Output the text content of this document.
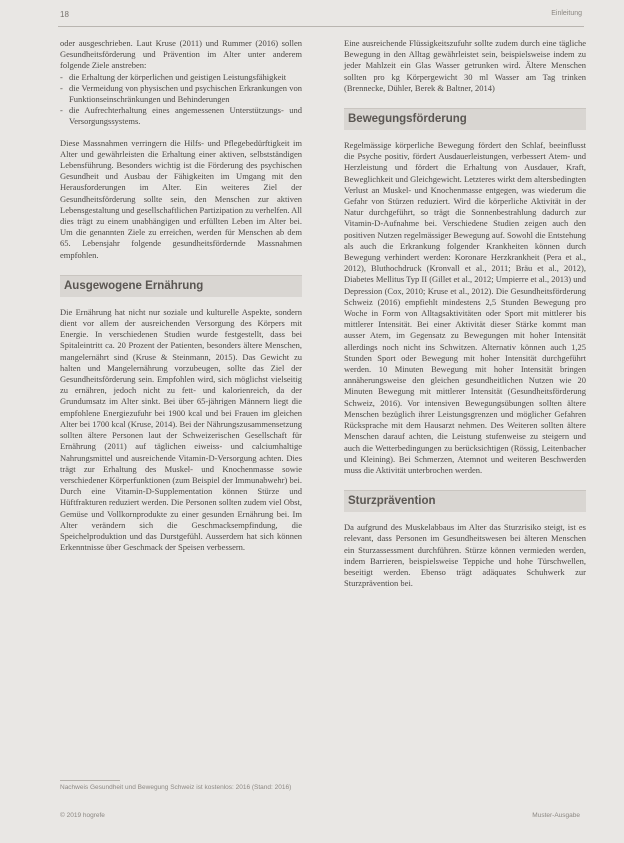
18	Einleitung

oder ausgeschrieben. Laut Kruse (2011) und Rummer (2016) sollen Gesundheitsförderung und Prävention im Alter unter anderem folgende Ziele anstreben:

- die Erhaltung der körperlichen und geistigen Leistungsfähigkeit
- die Vermeidung von physischen und psychischen Erkrankungen von Funktionseinschränkungen und Behinderungen
- die Aufrechterhaltung eines angemessenen Unterstützungs- und Versorgungssystems.

Diese Massnahmen verringern die Hilfs- und Pflegebedürftigkeit im Alter und gewährleisten die Erhaltung einer aktiven, selbstständigen Lebensführung. Besonders wichtig ist die Förderung des psychischen Gesundheit und Ausbau der Fähigkeiten im Umgang mit den Herausforderungen im Alter. Ein weiteres Ziel der Gesundheitsförderung sollte sein, den Menschen zur aktiven Lebensgestaltung und gesellschaftlichen Partizipation zu verhelfen. All dies trägt zu einem unabhängigen und erfüllten Leben im Alter bei. Um die genannten Ziele zu erreichen, werden für Menschen ab dem 65. Lebensjahr folgende gesundheitsfördernde Massnahmen empfohlen.

Ausgewogene Ernährung

Die Ernährung hat nicht nur soziale und kulturelle Aspekte, sondern dient vor allem der ausreichenden Versorgung des Körpers mit Energie. In verschiedenen Studien wurde festgestellt, dass bei Spitaleintritt ca. 20 Prozent der Patienten, besonders ältere Menschen, mangelernährt sind (Kruse & Steinmann, 2015). Das Gewicht zu halten und Mangelernährung vorzubeugen, sollte das Ziel der Gesundheitsförderung sein. Empfohlen wird, sich möglichst vielseitig zu ernähren, jedoch nicht zu fett- und kalorienreich, da der Grundumsatz im Alter sinkt. Bei über 65-jährigen Männern liegt die empfohlene Energiezufuhr bei 1900 kcal und bei Frauen im gleichen Alter bei 1700 kcal (Kruse, 2014). Bei der Nährungszusammensetzung sollten ältere Personen laut der Schweizerischen Gesellschaft für Ernährung (2011) auf täglichen eiweiss- und calciumhaltige Nahrungsmittel und ausreichende Vitamin-D-Versorgung achten. Dies trägt zur Erhaltung des Muskel- und Knochenmasse sowie verschiedener Körperfunktionen (zum Beispiel der Immunabwehr) bei. Durch eine Vitamin-D-Supplementation können Stürze und Hüftfrakturen reduziert werden. Die Personen sollten zudem viel Obst, Gemüse und Vollkornprodukte zu einer gesunden Ernährung bei. Im Alter verändern sich die Geschmacksempfindung, die Speichelproduktion und das Durstgefühl. Ausserdem hat sich können Erkenntnisse über Geschmack der Speisen verbessern.

Eine ausreichende Flüssigkeitszufuhr sollte zudem durch eine tägliche Bewegung in den Alltag gewährleistet sein, beispielsweise indem zu jeder Mahlzeit ein Glas Wasser getrunken wird. Ältere Menschen sollten pro kg Körpergewicht 30 ml Wasser am Tag trinken (Brennecke, Dühler, Berek & Baltner, 2014)

Bewegungsförderung

Regelmässige körperliche Bewegung fördert den Schlaf, beeinflusst die Psyche positiv, fördert Ausdauerleistungen, verbessert Atem- und Herzleistung und fördert die Erhaltung von Ausdauer, Kraft, Beweglichkeit und Gleichgewicht. Letzteres wirkt dem altersbedingten Verlust an Muskel- und Knochenmasse entgegen, was wiederum die Gefahr von Stürzen reduziert. Wird die körperliche Aktivität in der Natur durchgeführt, so trägt die Sonnenbestrahlung dadurch zur Vitamin-D-Aufnahme bei. Verschiedene Studien zeigen auch den positiven Nutzen regelmässiger Bewegung auf. Sowohl die Entstehung als auch die Erkrankung folgender Krankheiten können durch Bewegung verhindert werden: Koronare Herzkrankheit (Pera et al., 2012), Bluthochdruck (Kronvall et al., 2011; Bräu et al., 2012), Diabetes Mellitus Typ II (Gillet et al., 2012; Umpierre et al., 2013) und Depression (Cox, 2010; Kruse et al., 2012). Die Gesundheitsförderung Schweiz (2016) empfiehlt mindestens 2,5 Stunden Bewegung pro Woche in Form von Alltagsaktivitäten oder Sport mit mittlerer bis mittlerer Intensität. Bei einer Aktivität dieser Stärke kommt man ausser Atem, im Gegensatz zu Bewegungen mit hoher Intensität allerdings noch nicht ins Schwitzen. Alternativ können auch 1,25 Stunden Sport oder Bewegung mit hoher Intensität durchgeführt werden. 10 Minuten Bewegung mit hoher Intensität bringen annäherungsweise den gleichen gesundheitlichen Nutzen wie 20 Minuten Bewegung mit mittlerer Intensität (Gesundheitsförderung Schweiz, 2016). Vor intensiven Bewegungsübungen sollten ältere Menschen bezüglich ihrer Leistungsgrenzen und möglicher Gefahren Rücksprache mit dem Hausarzt nehmen. Des Weiteren sollten ältere Menschen darauf achten, die Leistung stufenweise zu steigern und auch die Wetterbedingungen zu berücksichtigen (Rössig, Leitenbacher und Kleining). Bei Schmerzen, Atemnot und weiteren Beschwerden muss die Aktivität unterbrochen werden.

Sturzprävention

Da aufgrund des Muskelabbaus im Alter das Sturzrisiko steigt, ist es relevant, dass Personen im Gesundheitswesen bei älteren Menschen ein Sturzassessment durchführen. Stürze können vermieden werden, indem Barrieren, beispielsweise Teppiche und hohe Türschwellen, beseitigt werden. Ebenso trägt adäquates Schuhwerk zur Sturzprävention bei.

Nachweis Gesundheit und Bewegung Schweiz ist kostenlos: 2016 (Stand: 2016)
© 2019 hogrefe	Muster-Ausgabe
